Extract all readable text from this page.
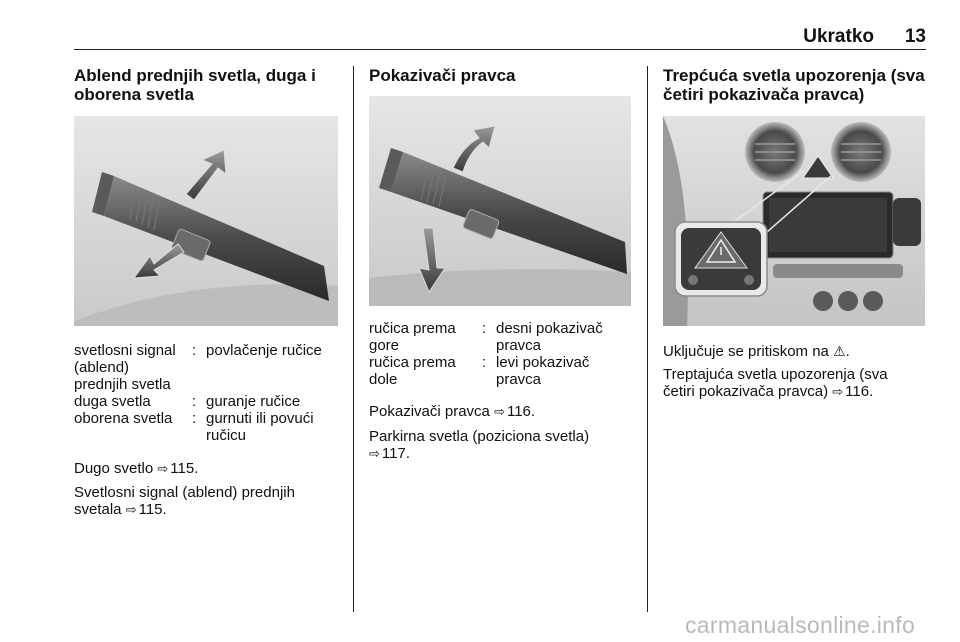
Ukratko 13
Ablend prednjih svetla, duga i
oborena svetla
svetlosni signal
(ablend)
prednjih svetla
: povlačenje ručice
duga svetla	: guranje ručice
oborena svetla	: gurnuti ili povući
ručicu

Dugo svetlo ⇨ 115.

Svetlosni signal (ablend) prednjih
svetala ⇨ 115.

Pokazivači pravca
ručica prema
gore
: desni pokazivač
pravca
ručica prema
dole
: levi pokazivač
pravca

Pokazivači pravca ⇨ 116.

Parkirna svetla (poziciona svetla)
⇨ 117.

Trepćuća svetla upozorenja (sva
četiri pokazivača pravca)

Uključuje se pritiskom na ⚠.

Treptajuća svetla upozorenja (sva
četiri pokazivača pravca) ⇨ 116.

carmanualsonline.info
